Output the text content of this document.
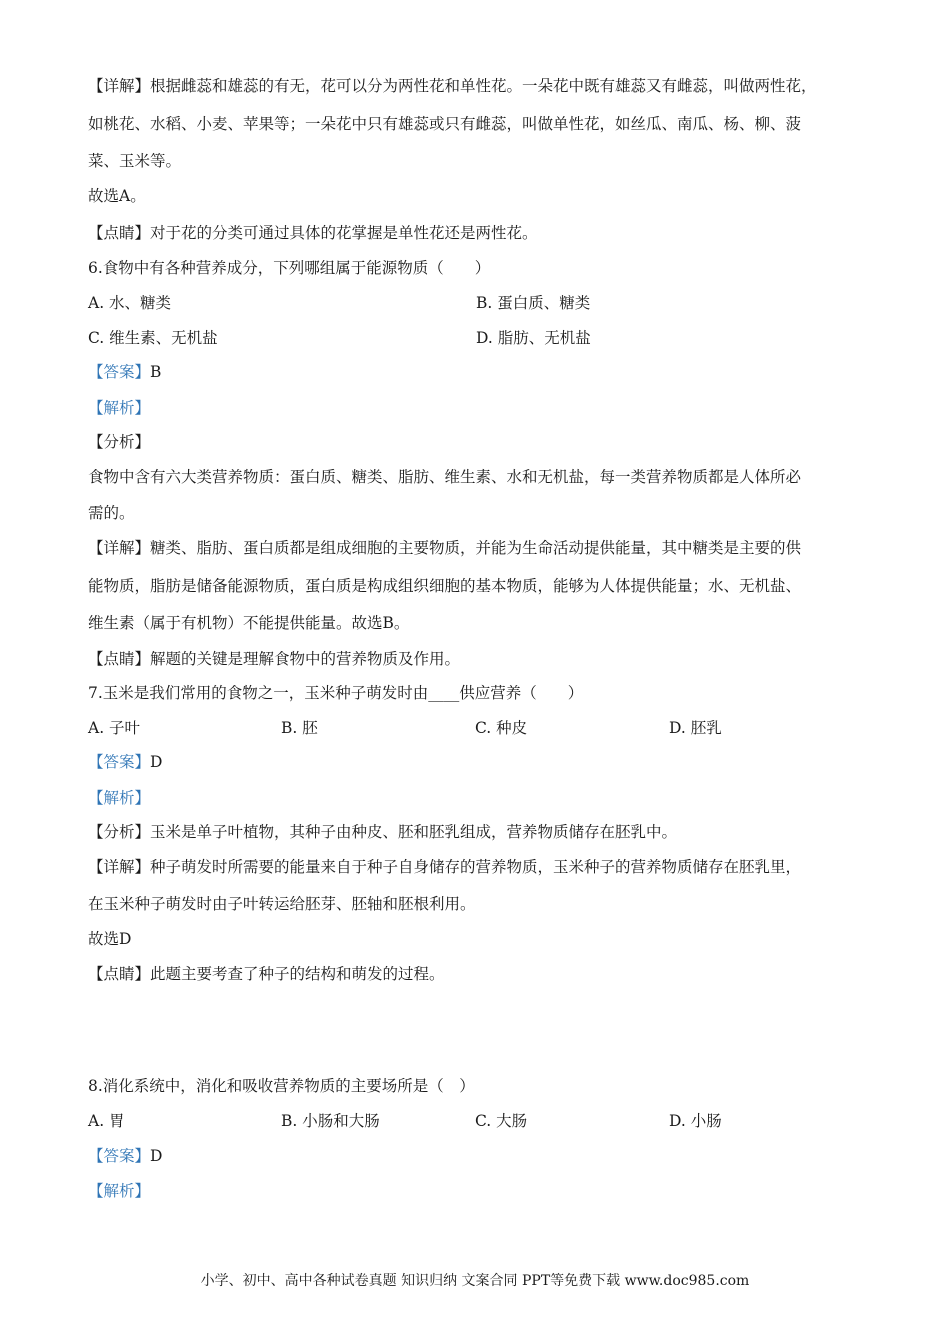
【详解】根据雌蕊和雄蕊的有无，花可以分为两性花和单性花。一朵花中既有雄蕊又有雌蕊，叫做两性花，
如桃花、水稻、小麦、苹果等；一朵花中只有雄蕊或只有雌蕊，叫做单性花，如丝瓜、南瓜、杨、柳、菠
菜、玉米等。
故选A。
【点睛】对于花的分类可通过具体的花掌握是单性花还是两性花。
6.食物中有各种营养成分，下列哪组属于能源物质（　　）
A. 水、糖类	B. 蛋白质、糖类
C. 维生素、无机盐	D. 脂肪、无机盐
【答案】B
【解析】
【分析】
食物中含有六大类营养物质：蛋白质、糖类、脂肪、维生素、水和无机盐，每一类营养物质都是人体所必
需的。
【详解】糖类、脂肪、蛋白质都是组成细胞的主要物质，并能为生命活动提供能量，其中糖类是主要的供
能物质，脂肪是储备能源物质，蛋白质是构成组织细胞的基本物质，能够为人体提供能量；水、无机盐、
维生素（属于有机物）不能提供能量。故选B。
【点睛】解题的关键是理解食物中的营养物质及作用。
7.玉米是我们常用的食物之一，玉米种子萌发时由____供应营养（　　）
A. 子叶	B. 胚	C. 种皮	D. 胚乳
【答案】D
【解析】
【分析】玉米是单子叶植物，其种子由种皮、胚和胚乳组成，营养物质储存在胚乳中。
【详解】种子萌发时所需要的能量来自于种子自身储存的营养物质，玉米种子的营养物质储存在胚乳里，
在玉米种子萌发时由子叶转运给胚芽、胚轴和胚根利用。
故选D
【点睛】此题主要考查了种子的结构和萌发的过程。
8.消化系统中，消化和吸收营养物质的主要场所是（　）
A. 胃	B. 小肠和大肠	C. 大肠	D. 小肠
【答案】D
【解析】
小学、初中、高中各种试卷真题 知识归纳 文案合同 PPT等免费下载 www.doc985.com
